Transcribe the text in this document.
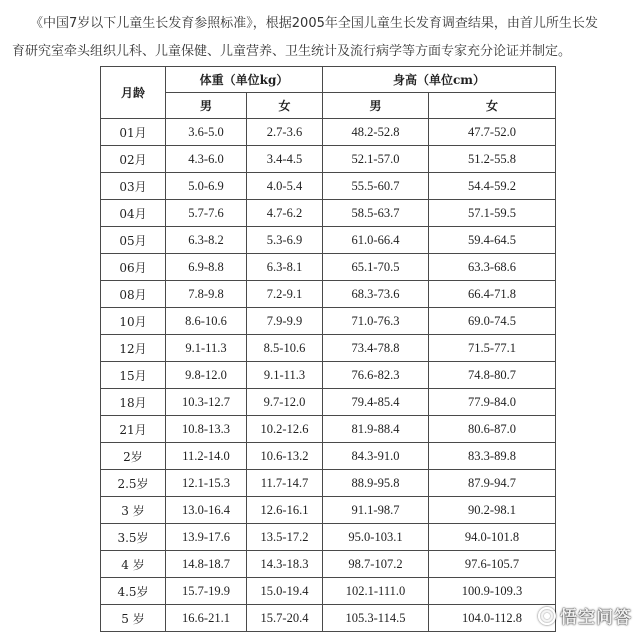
《中国7岁以下儿童生长发育参照标准》，根据2005年全国儿童生长发育调查结果，由首儿所生长发
育研究室牵头组织儿科、儿童保健、儿童营养、卫生统计及流行病学等方面专家充分论证并制定。
月龄	体重（单位kg）		身高（单位cm）	
	男	女	男	女
01月	3.6-5.0	2.7-3.6	48.2-52.8	47.7-52.0
02月	4.3-6.0	3.4-4.5	52.1-57.0	51.2-55.8
03月	5.0-6.9	4.0-5.4	55.5-60.7	54.4-59.2
04月	5.7-7.6	4.7-6.2	58.5-63.7	57.1-59.5
05月	6.3-8.2	5.3-6.9	61.0-66.4	59.4-64.5
06月	6.9-8.8	6.3-8.1	65.1-70.5	63.3-68.6
08月	7.8-9.8	7.2-9.1	68.3-73.6	66.4-71.8
10月	8.6-10.6	7.9-9.9	71.0-76.3	69.0-74.5
12月	9.1-11.3	8.5-10.6	73.4-78.8	71.5-77.1
15月	9.8-12.0	9.1-11.3	76.6-82.3	74.8-80.7
18月	10.3-12.7	9.7-12.0	79.4-85.4	77.9-84.0
21月	10.8-13.3	10.2-12.6	81.9-88.4	80.6-87.0
2岁	11.2-14.0	10.6-13.2	84.3-91.0	83.3-89.8
2.5岁	12.1-15.3	11.7-14.7	88.9-95.8	87.9-94.7
3 岁	13.0-16.4	12.6-16.1	91.1-98.7	90.2-98.1
3.5岁	13.9-17.6	13.5-17.2	95.0-103.1	94.0-101.8
4 岁	14.8-18.7	14.3-18.3	98.7-107.2	97.6-105.7
4.5岁	15.7-19.9	15.0-19.4	102.1-111.0	100.9-109.3
5 岁	16.6-21.1	15.7-20.4	105.3-114.5	104.0-112.8 悟空问答
